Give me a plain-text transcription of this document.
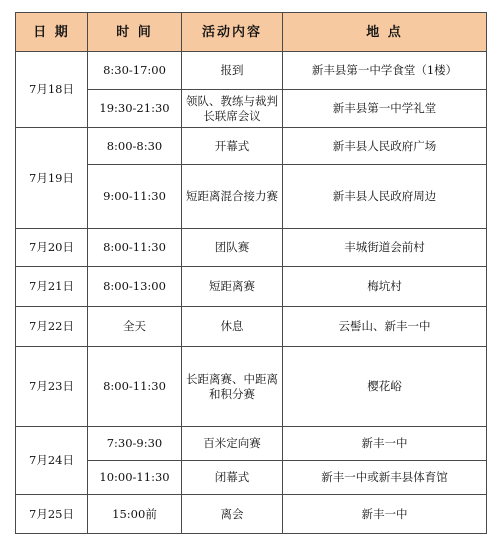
日 期	时 间	活动内容	地 点
7月18日	8:30-17:00	报到	新丰县第一中学食堂（1楼）
	19:30-21:30	领队、教练与裁判长联席会议	新丰县第一中学礼堂
7月19日	8:00-8:30	开幕式	新丰县人民政府广场
	9:00-11:30	短距离混合接力赛	新丰县人民政府周边
7月20日	8:00-11:30	团队赛	丰城街道会前村
7月21日	8:00-13:00	短距离赛	梅坑村
7月22日	全天	休息	云髻山、新丰一中
7月23日	8:00-11:30	长距离赛、中距离和积分赛	樱花峪
7月24日	7:30-9:30	百米定向赛	新丰一中
	10:00-11:30	闭幕式	新丰一中或新丰县体育馆
7月25日	15:00前	离会	新丰一中
